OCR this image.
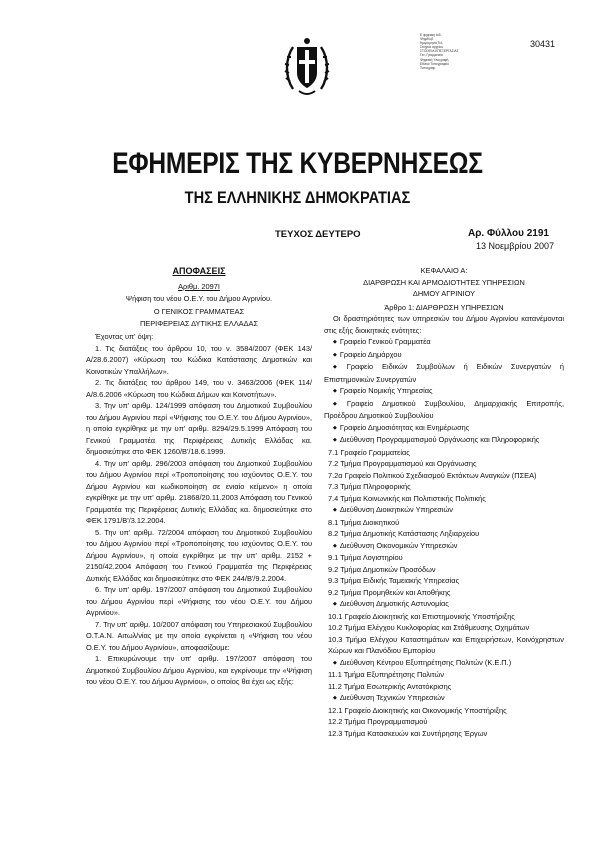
Ε ψηφιακή έκδ.
Ψηφ/Κυβ
Ημερομηνία Τελ.
Στοιχεία αρχείου
ΣΤΟΙΧΕΙΑ ΕΠΕΞΕΡΓΑΣΙΑΣ
Γεν. Γραμματεία
Ψηφιακή Υπογραφή
Εθνικό Τυπογραφείο
Τυπογράφ.
30431
ΕΦΗΜΕΡΙΣ ΤΗΣ ΚΥΒΕΡΝΗΣΕΩΣ
ΤΗΣ ΕΛΛΗΝΙΚΗΣ ΔΗΜΟΚΡΑΤΙΑΣ
ΤΕΥΧΟΣ ΔΕΥΤΕΡΟ	Αρ. Φύλλου 2191
13 Νοεμβρίου 2007

ΑΠΟΦΑΣΕΙΣ

Αριθμ. 2097Ι

Ψήφιση του νέου Ο.Ε.Υ. του Δήμου Αγρινίου.

Ο ΓΕΝΙΚΟΣ ΓΡΑΜΜΑΤΕΑΣ

ΠΕΡΙΦΕΡΕΙΑΣ ΔΥΤΙΚΗΣ ΕΛΛΑΔΑΣ

Έχοντας υπ' όψη:

1. Τις διατάξεις του άρθρου 10, του ν. 3584/2007 (ΦΕΚ 143/Α/28.6.2007) «Κύρωση του Κώδικα Κατάστασης Δημοτικών και Κοινοτικών Υπαλλήλων».

2. Τις διατάξεις του άρθρου 149, του ν. 3463/2006 (ΦΕΚ 114/Α/8.6.2006 «Κύρωση του Κώδικα Δήμων και Κοινοτήτων».

3. Την υπ' αριθμ. 124/1999 απόφαση του Δημοτικού Συμβουλίου του Δήμου Αγρινίου περί «Ψήφισης του Ο.Ε.Υ. του Δήμου Αγρινίου», η οποία εγκρίθηκε με την υπ' αριθμ. 8294/29.5.1999 Απόφαση του Γενικού Γραμματέα της Περιφέρειας Δυτικής Ελλάδας κα. δημοσιεύτηκε στο ΦΕΚ 1260/Β'/18.6.1999.

4. Την υπ' αριθμ. 296/2003 απόφαση του Δημοτικού Συμβουλίου του Δήμου Αγρινίου περί «Τροποποίησης του ισχύοντος Ο.Ε.Υ. του Δήμου Αγρινίου και κωδικοποίηση σε ενιαίο κείμενο» η οποία εγκρίθηκε με την υπ' αριθμ. 21868/20.11.2003 Απόφαση του Γενικού Γραμματέα της Περιφέρειας Δυτικής Ελλάδας κα. δημοσιεύτηκε στο ΦΕΚ 1791/Β'/3.12.2004.

5. Την υπ' αριθμ. 72/2004 απόφαση του Δημοτικού Συμβουλίου του Δήμου Αγρινίου περί «Τροποποίησης του ισχύοντος Ο.Ε.Υ. του Δήμου Αγρινίου», η οποία εγκρίθηκε με την υπ' αριθμ. 2152 + 2150/42.2004 Απόφαση του Γενικού Γραμματέα της Περιφέρειας Δυτικής Ελλάδας και δημοσιεύτηκε στο ΦΕΚ 244/Β'/9.2.2004.

6. Την υπ' αριθμ. 197/2007 απόφαση του Δημοτικού Συμβουλίου του Δήμου Αγρινίου περί «Ψήφισης του νέου Ο.Ε.Υ. του Δήμου Αγρινίου».

7. Την υπ' αριθμ. 10/2007 απόφαση του Υπηρεσιακού Συμβουλίου Ο.Τ.Α.Ν. Αιτωλ/νίας με την οποία εγκρίνεται η «Ψήφιση του νέου Ο.Ε.Υ. του Δήμου Αγρινίου», αποφασίζουμε:

1. Επικυρώνουμε την υπ' αριθμ. 197/2007 απόφαση του Δημοτικού Συμβουλίου Δήμου Αγρινίου, και εγκρίνουμε την «Ψήφιση του νέου Ο.Ε.Υ. του Δήμου Αγρινίου», ο οποίος θα έχει ως εξής:

ΚΕΦΑΛΑΙΟ Α:

ΔΙΑΡΘΡΩΣΗ ΚΑΙ ΑΡΜΟΔΙΟΤΗΤΕΣ ΥΠΗΡΕΣΙΩΝ

ΔΗΜΟΥ ΑΓΡΙΝΙΟΥ

Άρθρο 1: ΔΙΑΡΘΡΩΣΗ ΥΠΗΡΕΣΙΩΝ

Οι δραστηριότητες των υπηρεσιών του Δήμου Αγρινίου κατανέμονται στις εξής διοικητικές ενότητες:

◆ Γραφείο Γενικού Γραμματέα

◆ Γραφείο Δημάρχου

◆ Γραφείο Ειδικών Συμβούλων ή Ειδικών Συνεργατών ή Επιστημονικών Συνεργατών

◆ Γραφείο Νομικής Υπηρεσίας

◆ Γραφείο Δημοτικού Συμβουλίου, Δημαρχιακής Επιτροπής, Προέδρου Δημοτικού Συμβουλίου

◆ Γραφείο Δημοσιότητας και Ενημέρωσης

◆ Διεύθυνση Προγραμματισμού Οργάνωσης και Πληροφορικής

7.1 Γραφείο Γραμματείας

7.2 Τμήμα Προγραμματισμού και Οργάνωσης

7.2α Γραφείο Πολιτικού Σχεδιασμού Εκτάκτων Αναγκών (ΠΣΕΑ)

7.3 Τμήμα Πληροφορικής

7.4 Τμήμα Κοινωνικής και Πολιτιστικής Πολιτικής

◆ Διεύθυνση Διοικητικών Υπηρεσιών

8.1 Τμήμα Διοικητικού

8.2 Τμήμα Δημοτικής Κατάστασης Ληξιαρχείου

◆ Διεύθυνση Οικονομικών Υπηρεσιών

9.1 Τμήμα Λογιστηρίου

9.2 Τμήμα Δημοτικών Προσόδων

9.3 Τμήμα Ειδικής Ταμειακής Υπηρεσίας

9.2 Τμήμα Προμηθειών και Αποθήκης

◆ Διεύθυνση Δημοτικής Αστυνομίας

10.1 Γραφείο Διοικητικής και Επιστημονικής Υποστήριξης

10.2 Τμήμα Ελέγχου Κυκλοφορίας και Στάθμευσης Οχημάτων

10.3 Τμήμα Ελέγχου Καταστημάτων και Επιχειρήσεων, Κοινόχρηστων Χώρων και Πλανόδιου Εμπορίου

◆ Διεύθυνση Κέντρου Εξυπηρέτησης Πολιτών (Κ.Ε.Π.)

11.1 Τμήμα Εξυπηρέτησης Πολιτών

11.2 Τμήμα Εσωτερικής Αντατόκρισης

◆ Διεύθυνση Τεχνικών Υπηρεσιών

12.1 Γραφείο Διοικητικής και Οικονομικής Υποστήριξης

12.2 Τμήμα Προγραμματισμού

12.3 Τμήμα Κατασκευών και Συντήρησης Έργων
